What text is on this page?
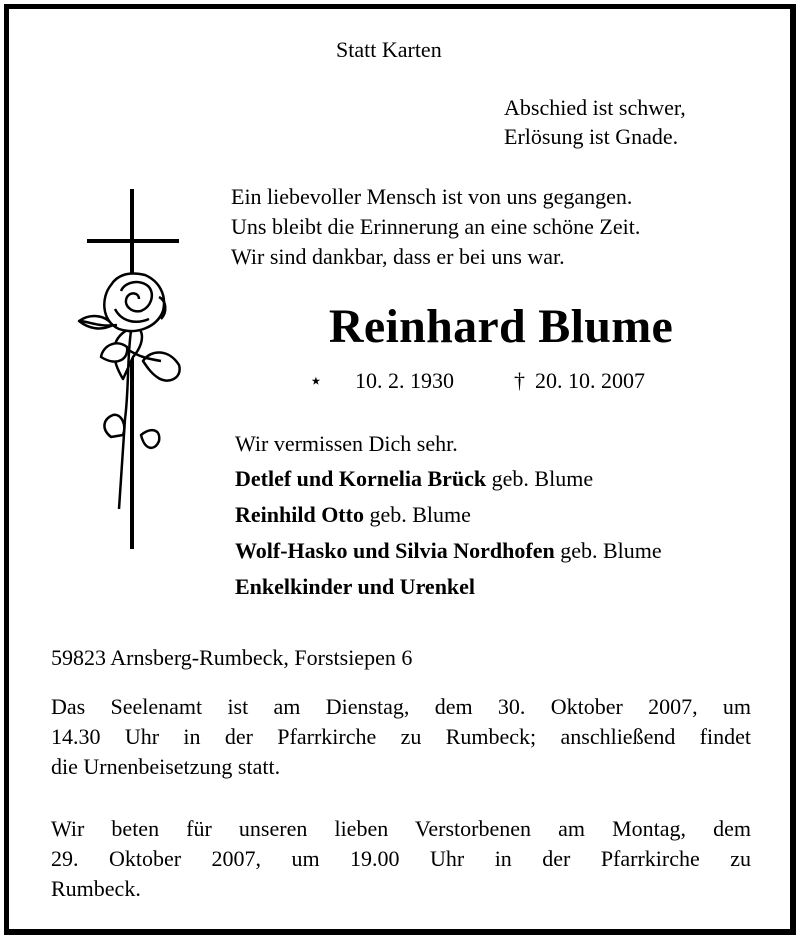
Statt Karten

Abschied ist schwer,

Erlösung ist Gnade.

Ein liebevoller Mensch ist von uns gegangen.

Uns bleibt die Erinnerung an eine schöne Zeit.

Wir sind dankbar, dass er bei uns war.

Reinhard Blume

⋆ 10. 2. 1930	† 20. 10. 2007

Wir vermissen Dich sehr.

Detlef und Kornelia Brück geb. Blume

Reinhild Otto geb. Blume

Wolf-Hasko und Silvia Nordhofen geb. Blume

Enkelkinder und Urenkel

59823 Arnsberg-Rumbeck, Forstsiepen 6

Das Seelenamt ist am Dienstag, dem 30. Oktober 2007, um

14.30 Uhr in der Pfarrkirche zu Rumbeck; anschließend findet

die Urnenbeisetzung statt.

Wir beten für unseren lieben Verstorbenen am Montag, dem

29. Oktober 2007, um 19.00 Uhr in der Pfarrkirche zu

Rumbeck.
